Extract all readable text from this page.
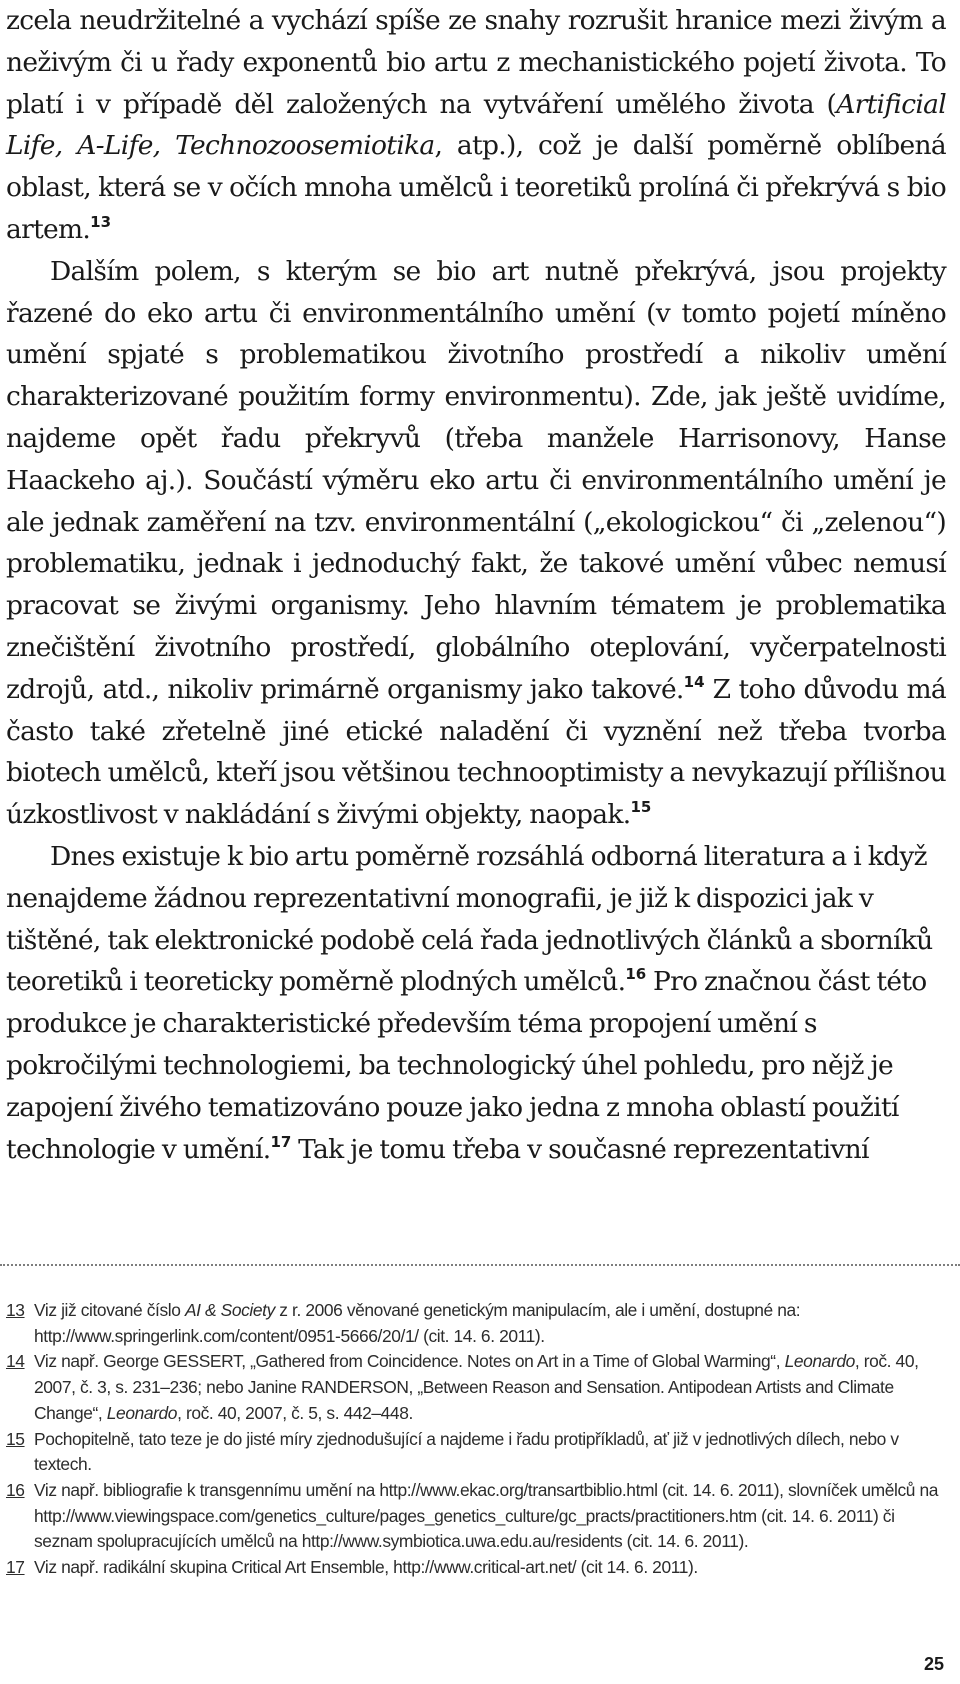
zcela neudržitelné a vychází spíše ze snahy rozrušit hranice mezi živým a neživým či u řady exponentů bio artu z mechanistického pojetí života. To platí i v případě děl založených na vytváření umělého života (Artificial Life, A-Life, Technozoosemiotika, atp.), což je další poměrně oblíbená oblast, která se v očích mnoha umělců i teoretiků prolíná či překrývá s bio artem.$^{13}$

Dalším polem, s kterým se bio art nutně překrývá, jsou projekty řazené do eko artu či environmentálního umění (v tomto pojetí míněno umění spjaté s problematikou životního prostředí a nikoliv umění charakterizované použitím formy environmentu). Zde, jak ještě uvidíme, najdeme opět řadu překryvů (třeba manžele Harrisonovy, Hanse Haackeho aj.). Součástí výměru eko artu či environmentálního umění je ale jednak zaměření na tzv. environmentální („ekologickou“ či „zelenou“) problematiku, jednak i jednoduchý fakt, že takové umění vůbec nemusí pracovat se živými organismy. Jeho hlavním tématem je problematika znečištění životního prostředí, globálního oteplování, vyčerpatelnosti zdrojů, atd., nikoliv primárně organismy jako takové.$^{14}$ Z toho důvodu má často také zřetelně jiné etické naladění či vyznění než třeba tvorba biotech umělců, kteří jsou většinou technooptimisty a nevykazují přílišnou úzkostlivost v nakládání s živými objekty, naopak.$^{15}$

Dnes existuje k bio artu poměrně rozsáhlá odborná literatura a i když nenajdeme žádnou reprezentativní monografii, je již k dispozici jak v tištěné, tak elektronické podobě celá řada jednotlivých článků a sborníků teoretiků i teoreticky poměrně plodných umělců.$^{16}$ Pro značnou část této produkce je charakteristické především téma propojení umění s pokročilými technologiemi, ba technologický úhel pohledu, pro nějž je zapojení živého tematizováno pouze jako jedna z mnoha oblastí použití technologie v umění.$^{17}$ Tak je tomu třeba v současné reprezentativní

13 Viz již citované číslo AI & Society z r. 2006 věnované genetickým manipulacím, ale i umění, dostupné na: http://www.springerlink.com/content/0951-5666/20/1/ (cit. 14. 6. 2011).

14 Viz např. George GESSERT, „Gathered from Coincidence. Notes on Art in a Time of Global Warming“, Leonardo, roč. 40, 2007, č. 3, s. 231–236; nebo Janine RANDERSON, „Between Reason and Sensation. Antipodean Artists and Climate Change“, Leonardo, roč. 40, 2007, č. 5, s. 442–448.

15 Pochopitelně, tato teze je do jisté míry zjednodušující a najdeme i řadu protipříkladů, ať již v jednotlivých dílech, nebo v textech.

16 Viz např. bibliografie k transgennímu umění na http://www.ekac.org/transartbiblio.html (cit. 14. 6. 2011), slovníček umělců na http://www.viewingspace.com/genetics_culture/pages_genetics_culture/gc_practs/practitioners.htm (cit. 14. 6. 2011) či seznam spolupracujících umělců na http://www.symbiotica.uwa.edu.au/residents (cit. 14. 6. 2011).

17 Viz např. radikální skupina Critical Art Ensemble, http://www.critical-art.net/ (cit 14. 6. 2011).

25
